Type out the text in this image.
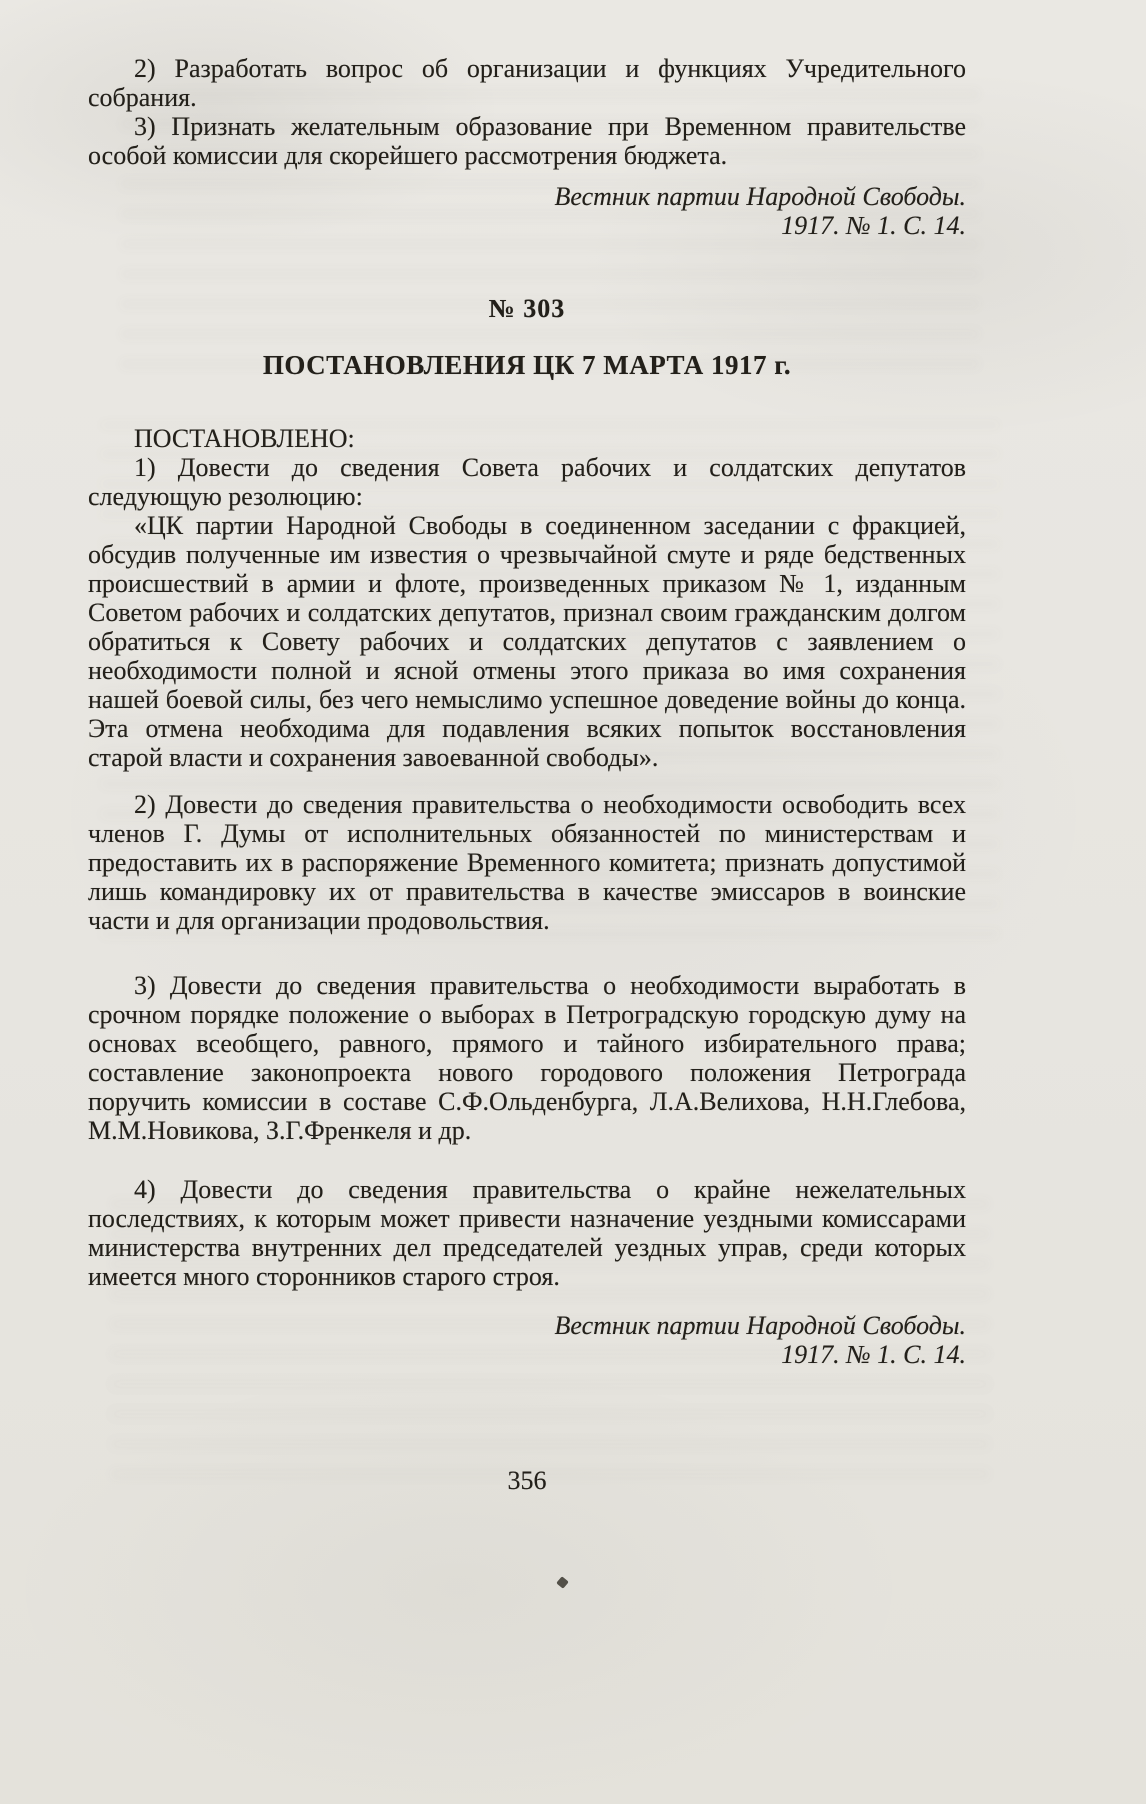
2) Разработать вопрос об организации и функциях Учредительного собрания.

3) Признать желательным образование при Временном правительстве особой комиссии для скорейшего рассмотрения бюджета.

Вестник партии Народной Свободы.
1917. № 1. С. 14.
№ 303
ПОСТАНОВЛЕНИЯ ЦК 7 МАРТА 1917 г.

ПОСТАНОВЛЕНО:

1) Довести до сведения Совета рабочих и солдатских депутатов следующую резолюцию:

«ЦК партии Народной Свободы в соединенном заседании с фракцией, обсудив полученные им известия о чрезвычайной смуте и ряде бедственных происшествий в армии и флоте, произведенных приказом № 1, изданным Советом рабочих и солдатских депутатов, признал своим гражданским долгом обратиться к Совету рабочих и солдатских депутатов с заявлением о необходимости полной и ясной отмены этого приказа во имя сохранения нашей боевой силы, без чего немыслимо успешное доведение войны до конца. Эта отмена необходима для подавления всяких попыток восстановления старой власти и сохранения завоеванной свободы».

2) Довести до сведения правительства о необходимости освободить всех членов Г. Думы от исполнительных обязанностей по министерствам и предоставить их в распоряжение Временного комитета; признать допустимой лишь командировку их от правительства в качестве эмиссаров в воинские части и для организации продовольствия.

3) Довести до сведения правительства о необходимости выработать в срочном порядке положение о выборах в Петроградскую городскую думу на основах всеобщего, равного, прямого и тайного избирательного права; составление законопроекта нового городового положения Петрограда поручить комиссии в составе С.Ф.Ольденбурга, Л.А.Велихова, Н.Н.Глебова, М.М.Новикова, З.Г.Френкеля и др.

4) Довести до сведения правительства о крайне нежелательных последствиях, к которым может привести назначение уездными комиссарами министерства внутренних дел председателей уездных управ, среди которых имеется много сторонников старого строя.

Вестник партии Народной Свободы.
1917. № 1. С. 14.
356
